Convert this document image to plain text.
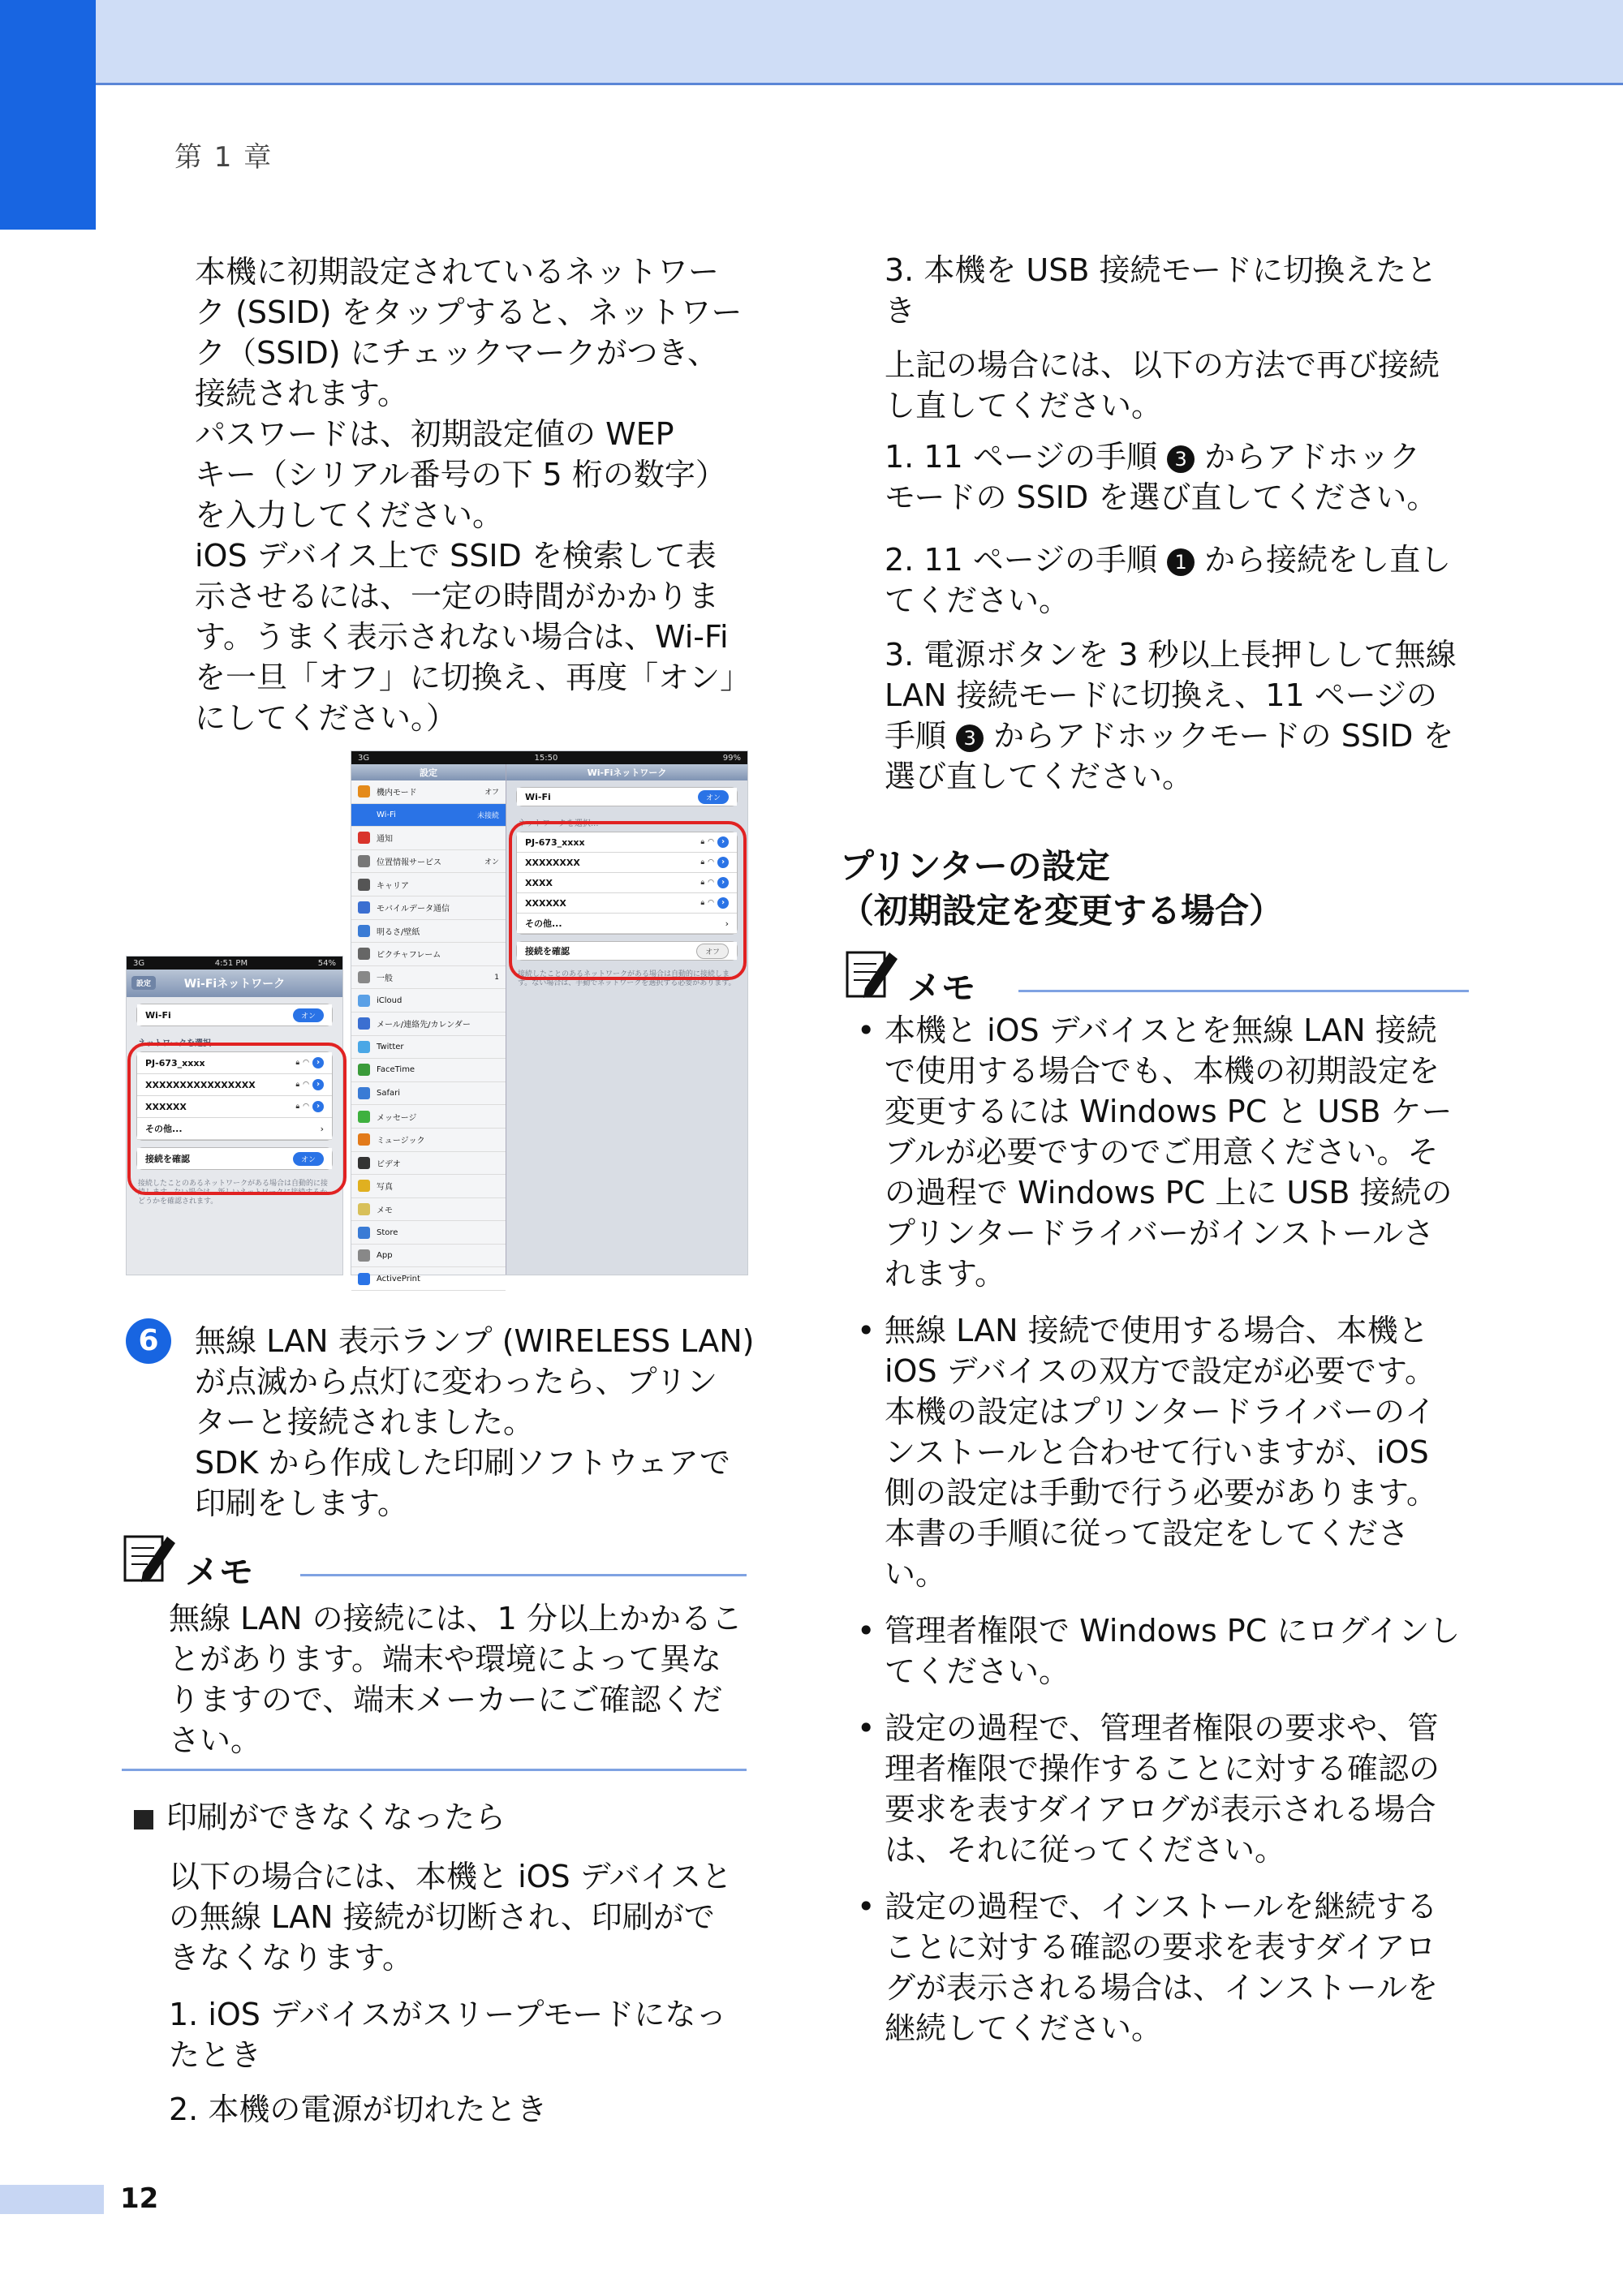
第 1 章

本機に初期設定されているネットワー

ク (SSID) をタップすると、ネットワー

ク（SSID) にチェックマークがつき、

接続されます。

パスワードは、初期設定値の WEP

キー（シリアル番号の下 5 桁の数字）

を入力してください。

iOS デバイス上で SSID を検索して表

示させるには、一定の時間がかかりま

す。うまく表示されない場合は、Wi-Fi

を一旦「オフ」に切換え、再度「オン」

にしてください。）

3G	4:51 PM	54%
設定	Wi-Fiネットワーク
Wi-Fi	オン
ネットワークを選択...
PJ-673_xxxx	🔒︎ ◠ ›
XXXXXXXXXXXXXXXX	🔒︎ ◠ ›
XXXXXX	🔒︎ ◠ ›
その他...	›
接続を確認	オン
接続したことのあるネットワークがある場合は自動的に接続します。ない場合は、新しいネットワークに接続するかどうかを確認されます。
3G	15:50	99%
設定
機内モード	オフ
Wi-Fi	未接続
通知
位置情報サービス	オン
キャリア
モバイルデータ通信
明るさ/壁紙
ピクチャフレーム
一般	1
iCloud
メール/連絡先/カレンダー
Twitter
FaceTime
Safari
メッセージ
ミュージック
ビデオ
写真
メモ
Store
App
ActivePrint
Wi-Fiネットワーク
Wi-Fi	オン
ネットワークを選択...
PJ-673_xxxx	🔒︎ ◠ ›
XXXXXXXX	🔒︎ ◠ ›
XXXX	🔒︎ ◠ ›
XXXXXX	🔒︎ ◠ ›
その他...	›
接続を確認	オフ
接続したことのあるネットワークがある場合は自動的に接続します。ない場合は、手動でネットワークを選択する必要があります。
6	無線 LAN 表示ランプ (WIRELESS LAN)

が点滅から点灯に変わったら、プリン

ターと接続されました。

SDK から作成した印刷ソフトウェアで

印刷をします。

メモ

無線 LAN の接続には、1 分以上かかるこ

とがあります。端末や環境によって異な

りますので、端末メーカーにご確認くだ

さい。

印刷ができなくなったら

以下の場合には、本機と iOS デバイスと

の無線 LAN 接続が切断され、印刷がで

きなくなります。

1. iOS デバイスがスリープモードになっ

たとき

2. 本機の電源が切れたとき

3. 本機を USB 接続モードに切換えたと

き

上記の場合には、以下の方法で再び接続

し直してください。

1. 11 ページの手順 3 からアドホック

モードの SSID を選び直してください。

2. 11 ページの手順 1 から接続をし直し

てください。

3. 電源ボタンを 3 秒以上長押しして無線

LAN 接続モードに切換え、11 ページの

手順 3 からアドホックモードの SSID を

選び直してください。

プリンターの設定
（初期設定を変更する場合）
メモ
• 本機と iOS デバイスとを無線 LAN 接続

で使用する場合でも、本機の初期設定を

変更するには Windows PC と USB ケー

ブルが必要ですのでご用意ください。そ

の過程で Windows PC 上に USB 接続の

プリンタードライバーがインストールさ

れます。

• 無線 LAN 接続で使用する場合、本機と

iOS デバイスの双方で設定が必要です。

本機の設定はプリンタードライバーのイ

ンストールと合わせて行いますが、iOS

側の設定は手動で行う必要があります。

本書の手順に従って設定をしてくださ

い。

• 管理者権限で Windows PC にログインし

てください。

• 設定の過程で、管理者権限の要求や、管

理者権限で操作することに対する確認の

要求を表すダイアログが表示される場合

は、それに従ってください。

• 設定の過程で、インストールを継続する

ことに対する確認の要求を表すダイアロ

グが表示される場合は、インストールを

継続してください。

12
